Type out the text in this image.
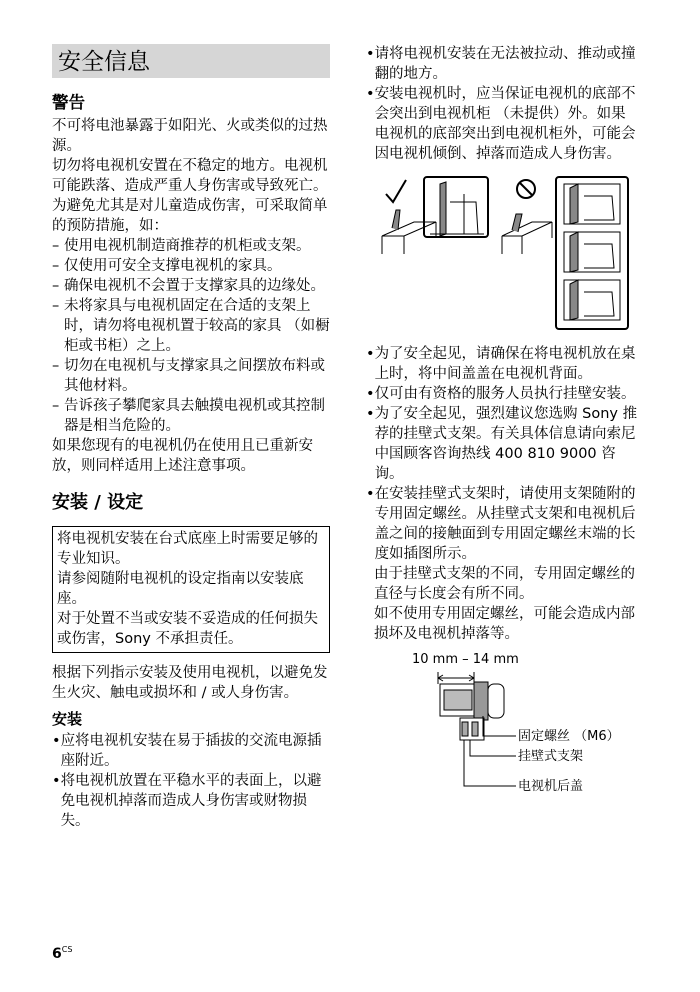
安全信息
警告

不可将电池暴露于如阳光、火或类似的过热源。

切勿将电视机安置在不稳定的地方。电视机可能跌落、造成严重人身伤害或导致死亡。为避免尤其是对儿童造成伤害，可采取简单的预防措施，如：

– 使用电视机制造商推荐的机柜或支架。
– 仅使用可安全支撑电视机的家具。
– 确保电视机不会置于支撑家具的边缘处。
– 未将家具与电视机固定在合适的支架上时，请勿将电视机置于较高的家具 （如橱柜或书柜）之上。
– 切勿在电视机与支撑家具之间摆放布料或其他材料。
– 告诉孩子攀爬家具去触摸电视机或其控制器是相当危险的。

如果您现有的电视机仍在使用且已重新安放，则同样适用上述注意事项。

安装 / 设定

将电视机安装在台式底座上时需要足够的专业知识。

请参阅随附电视机的设定指南以安装底座。

对于处置不当或安装不妥造成的任何损失或伤害，Sony 不承担责任。

根据下列指示安装及使用电视机，以避免发生火灾、触电或损坏和 / 或人身伤害。

安装
• 应将电视机安装在易于插拔的交流电源插座附近。
• 将电视机放置在平稳水平的表面上，以避免电视机掉落而造成人身伤害或财物损失。
• 请将电视机安装在无法被拉动、推动或撞翻的地方。
• 安装电视机时，应当保证电视机的底部不会突出到电视机柜 （未提供）外。如果电视机的底部突出到电视机柜外，可能会因电视机倾倒、掉落而造成人身伤害。
• 为了安全起见，请确保在将电视机放在桌上时，将中间盖盖在电视机背面。
• 仅可由有资格的服务人员执行挂壁安装。
• 为了安全起见，强烈建议您选购 Sony 推荐的挂壁式支架。有关具体信息请向索尼中国顾客咨询热线 400 810 9000 咨询。
• 在安装挂壁式支架时，请使用支架随附的专用固定螺丝。从挂壁式支架和电视机后盖之间的接触面到专用固定螺丝末端的长度如插图所示。

由于挂壁式支架的不同，专用固定螺丝的直径与长度会有所不同。

如不使用专用固定螺丝，可能会造成内部损坏及电视机掉落等。

10 mm – 14 mm
固定螺丝 （M6）
挂壁式支架
电视机后盖
$6^{CS}$
